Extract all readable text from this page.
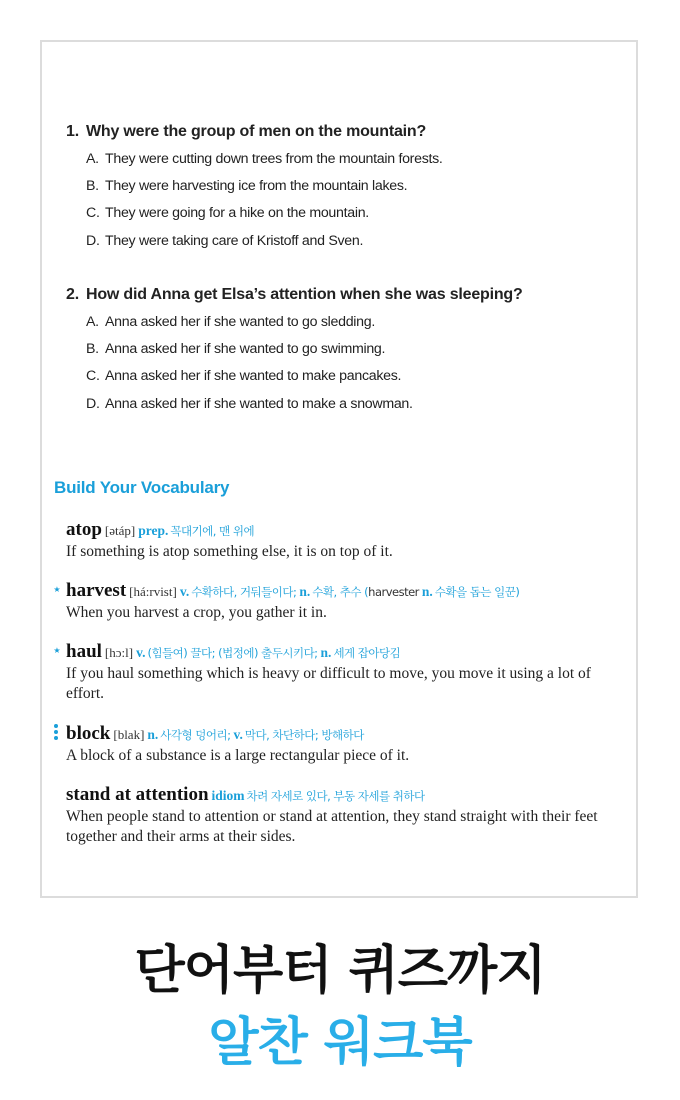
1. Why were the group of men on the mountain?
A. They were cutting down trees from the mountain forests.
B. They were harvesting ice from the mountain lakes.
C. They were going for a hike on the mountain.
D. They were taking care of Kristoff and Sven.
2. How did Anna get Elsa’s attention when she was sleeping?
A. Anna asked her if she wanted to go sledding.
B. Anna asked her if she wanted to go swimming.
C. Anna asked her if she wanted to make pancakes.
D. Anna asked her if she wanted to make a snowman.
Build Your Vocabulary
atop [ətáp] prep. 꼭대기에, 맨 위에
If something is atop something else, it is on top of it.
★ harvest [há:rvist] v. 수확하다, 거둬들이다; n. 수확, 추수 (harvester n. 수확을 돕는 일꾼)
When you harvest a crop, you gather it in.
★ haul [hɔ:l] v. (힘들여) 끌다; (법정에) 출두시키다; n. 세게 잡아당김
If you haul something which is heavy or difficult to move, you move it using a lot of effort.
block [blak] n. 사각형 덩어리; v. 막다, 차단하다; 방해하다
A block of a substance is a large rectangular piece of it.
stand at attention idiom 차려 자세로 있다, 부동 자세를 취하다
When people stand to attention or stand at attention, they stand straight with their feet together and their arms at their sides.
단어부터 퀴즈까지
알찬 워크북
